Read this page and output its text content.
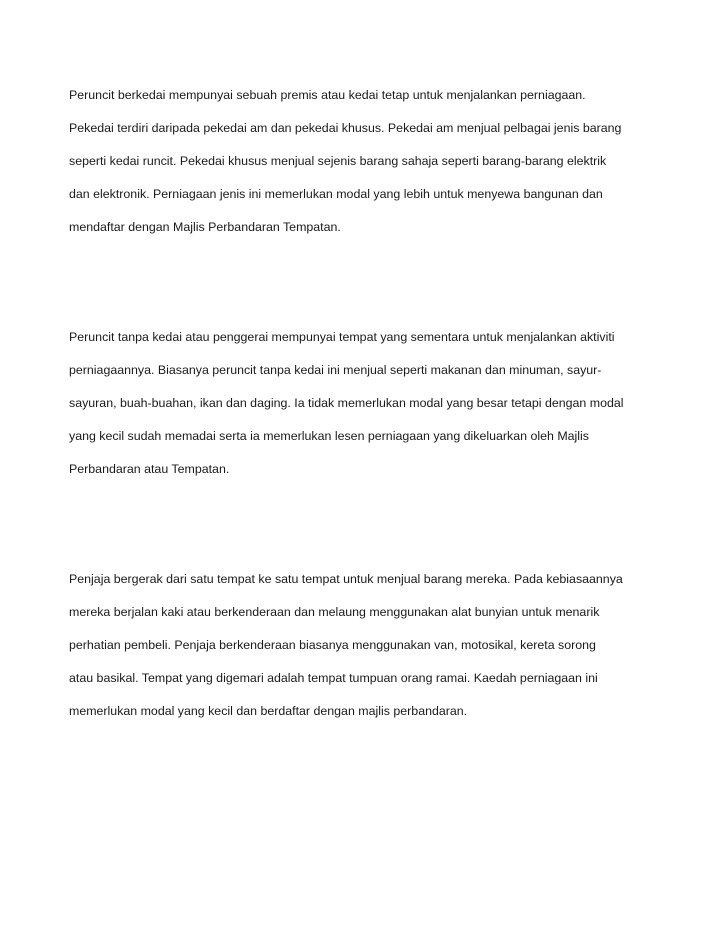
Peruncit berkedai mempunyai sebuah premis atau kedai tetap untuk menjalankan perniagaan.
Pekedai terdiri daripada pekedai am dan pekedai khusus. Pekedai am menjual pelbagai jenis barang
seperti kedai runcit. Pekedai khusus menjual sejenis barang sahaja seperti barang-barang elektrik
dan elektronik. Perniagaan jenis ini memerlukan modal yang lebih untuk menyewa bangunan dan
mendaftar dengan Majlis Perbandaran Tempatan.
Peruncit tanpa kedai atau penggerai mempunyai tempat yang sementara untuk menjalankan aktiviti
perniagaannya. Biasanya peruncit tanpa kedai ini menjual seperti makanan dan minuman, sayur-
sayuran, buah-buahan, ikan dan daging. Ia tidak memerlukan modal yang besar tetapi dengan modal
yang kecil sudah memadai serta ia memerlukan lesen perniagaan yang dikeluarkan oleh Majlis
Perbandaran atau Tempatan.
Penjaja bergerak dari satu tempat ke satu tempat untuk menjual barang mereka. Pada kebiasaannya
mereka berjalan kaki atau berkenderaan dan melaung menggunakan alat bunyian untuk menarik
perhatian pembeli. Penjaja berkenderaan biasanya menggunakan van, motosikal, kereta sorong
atau basikal. Tempat yang digemari adalah tempat tumpuan orang ramai. Kaedah perniagaan ini
memerlukan modal yang kecil dan berdaftar dengan majlis perbandaran.
